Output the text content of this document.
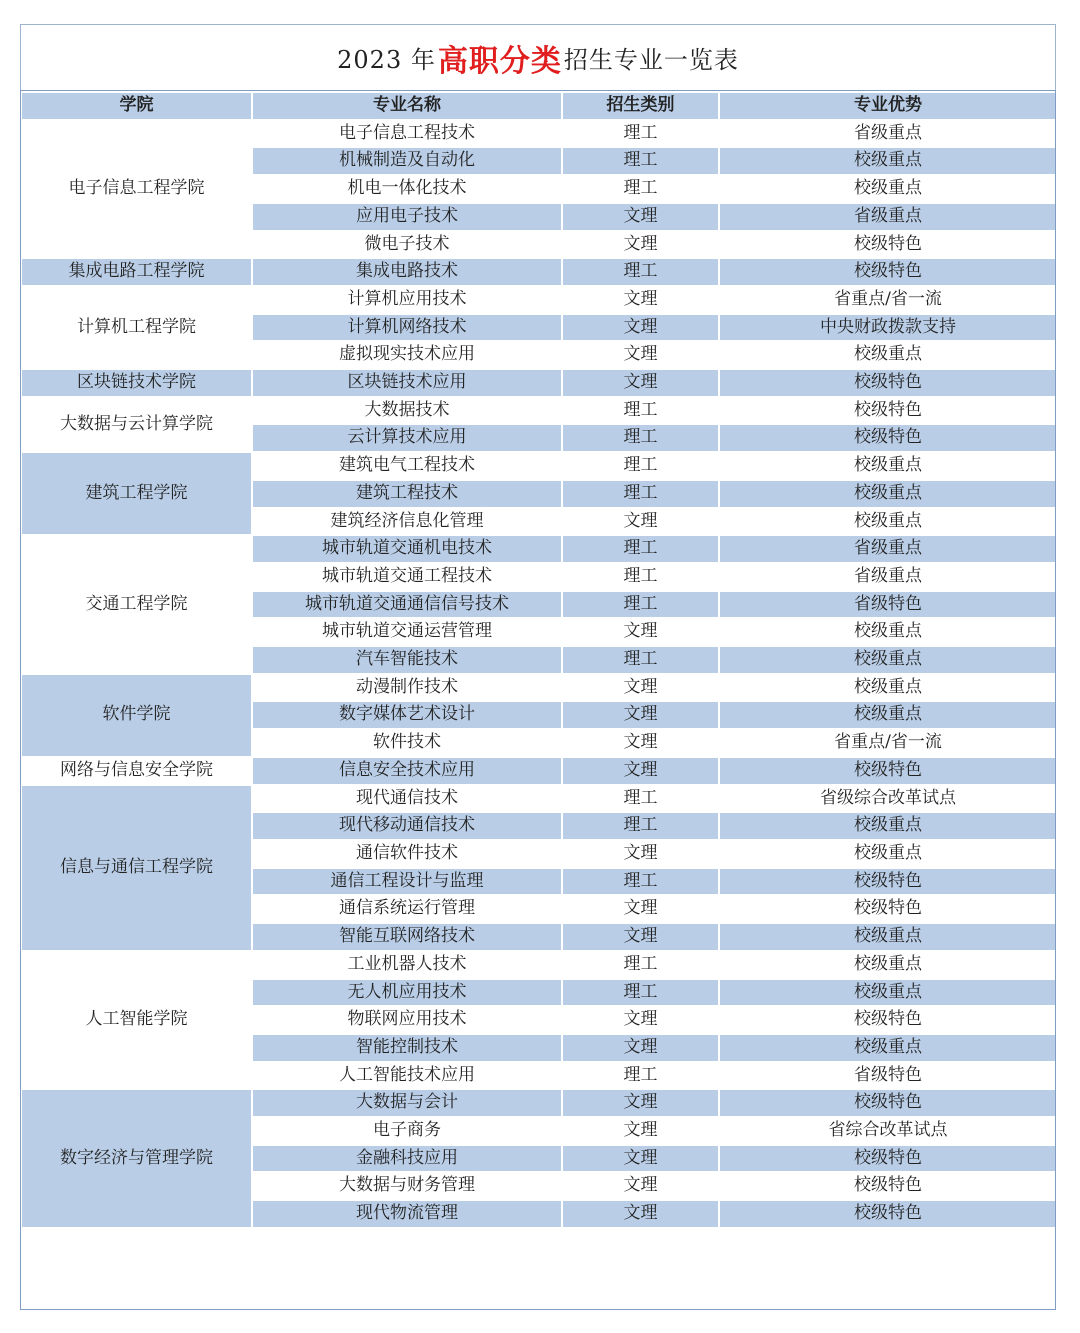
2023 年 高职分类 招生专业一览表
学院	专业名称	招生类别	专业优势
电子信息工程学院	电子信息工程技术	理工	省级重点
	机械制造及自动化	理工	校级重点
	机电一体化技术	理工	校级重点
	应用电子技术	文理	省级重点
	微电子技术	文理	校级特色
集成电路工程学院	集成电路技术	理工	校级特色
计算机工程学院	计算机应用技术	文理	省重点/省一流
	计算机网络技术	文理	中央财政拨款支持
	虚拟现实技术应用	文理	校级重点
区块链技术学院	区块链技术应用	文理	校级特色
大数据与云计算学院	大数据技术	理工	校级特色
	云计算技术应用	理工	校级特色
建筑工程学院	建筑电气工程技术	理工	校级重点
	建筑工程技术	理工	校级重点
	建筑经济信息化管理	文理	校级重点
交通工程学院	城市轨道交通机电技术	理工	省级重点
	城市轨道交通工程技术	理工	省级重点
	城市轨道交通通信信号技术	理工	省级特色
	城市轨道交通运营管理	文理	校级重点
	汽车智能技术	理工	校级重点
软件学院	动漫制作技术	文理	校级重点
	数字媒体艺术设计	文理	校级重点
	软件技术	文理	省重点/省一流
网络与信息安全学院	信息安全技术应用	文理	校级特色
信息与通信工程学院	现代通信技术	理工	省级综合改革试点
	现代移动通信技术	理工	校级重点
	通信软件技术	文理	校级重点
	通信工程设计与监理	理工	校级特色
	通信系统运行管理	文理	校级特色
	智能互联网络技术	文理	校级重点
人工智能学院	工业机器人技术	理工	校级重点
	无人机应用技术	理工	校级重点
	物联网应用技术	文理	校级特色
	智能控制技术	文理	校级重点
	人工智能技术应用	理工	省级特色
数字经济与管理学院	大数据与会计	文理	校级特色
	电子商务	文理	省综合改革试点
	金融科技应用	文理	校级特色
	大数据与财务管理	文理	校级特色
	现代物流管理	文理	校级特色
